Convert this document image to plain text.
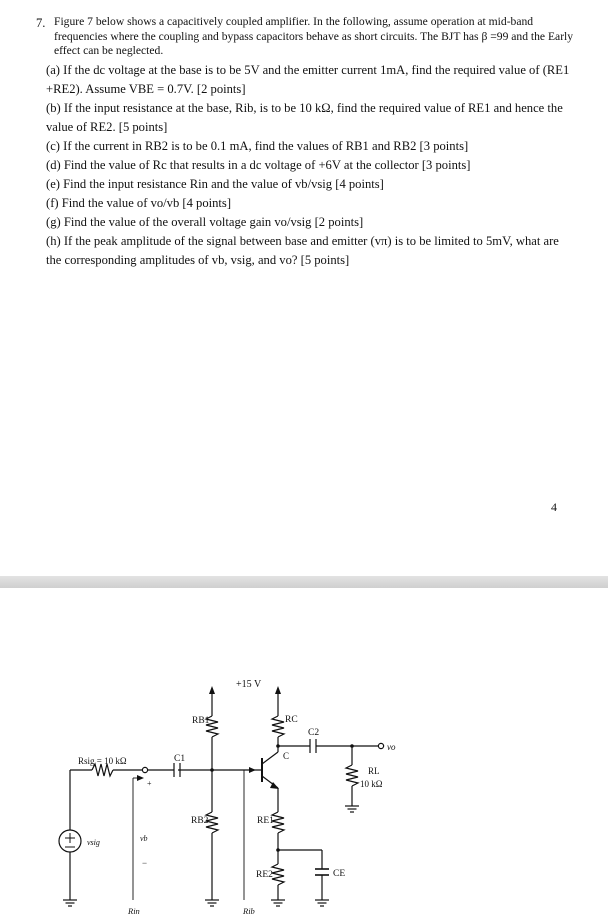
7. Figure 7 below shows a capacitively coupled amplifier. In the following, assume operation at mid-band frequencies where the coupling and bypass capacitors behave as short circuits. The BJT has β =99 and the Early effect can be neglected.

(a) If the dc voltage at the base is to be 5V and the emitter current 1mA, find the required value of (RE1 +RE2). Assume VBE = 0.7V. [2 points]

(b) If the input resistance at the base, Rib, is to be 10 kΩ, find the required value of RE1 and hence the value of RE2. [5 points]

(c) If the current in RB2 is to be 0.1 mA, find the values of RB1 and RB2 [3 points]

(d) Find the value of Rc that results in a dc voltage of +6V at the collector [3 points]

(e) Find the input resistance Rin and the value of vb/vsig [4 points]

(f) Find the value of vo/vb [4 points]

(g) Find the value of the overall voltage gain vo/vsig [2 points]

(h) If the peak amplitude of the signal between base and emitter (vπ) is to be limited to 5mV, what are the corresponding amplitudes of vb, vsig, and vo? [5 points]

4
+15 V
RB1
RB2
RC
C
C2
vo
RL
10 kΩ
RE1
RE2	CE
Rib
C1
Rsig = 10 kΩ
+
vb
−
vsig
Rin
